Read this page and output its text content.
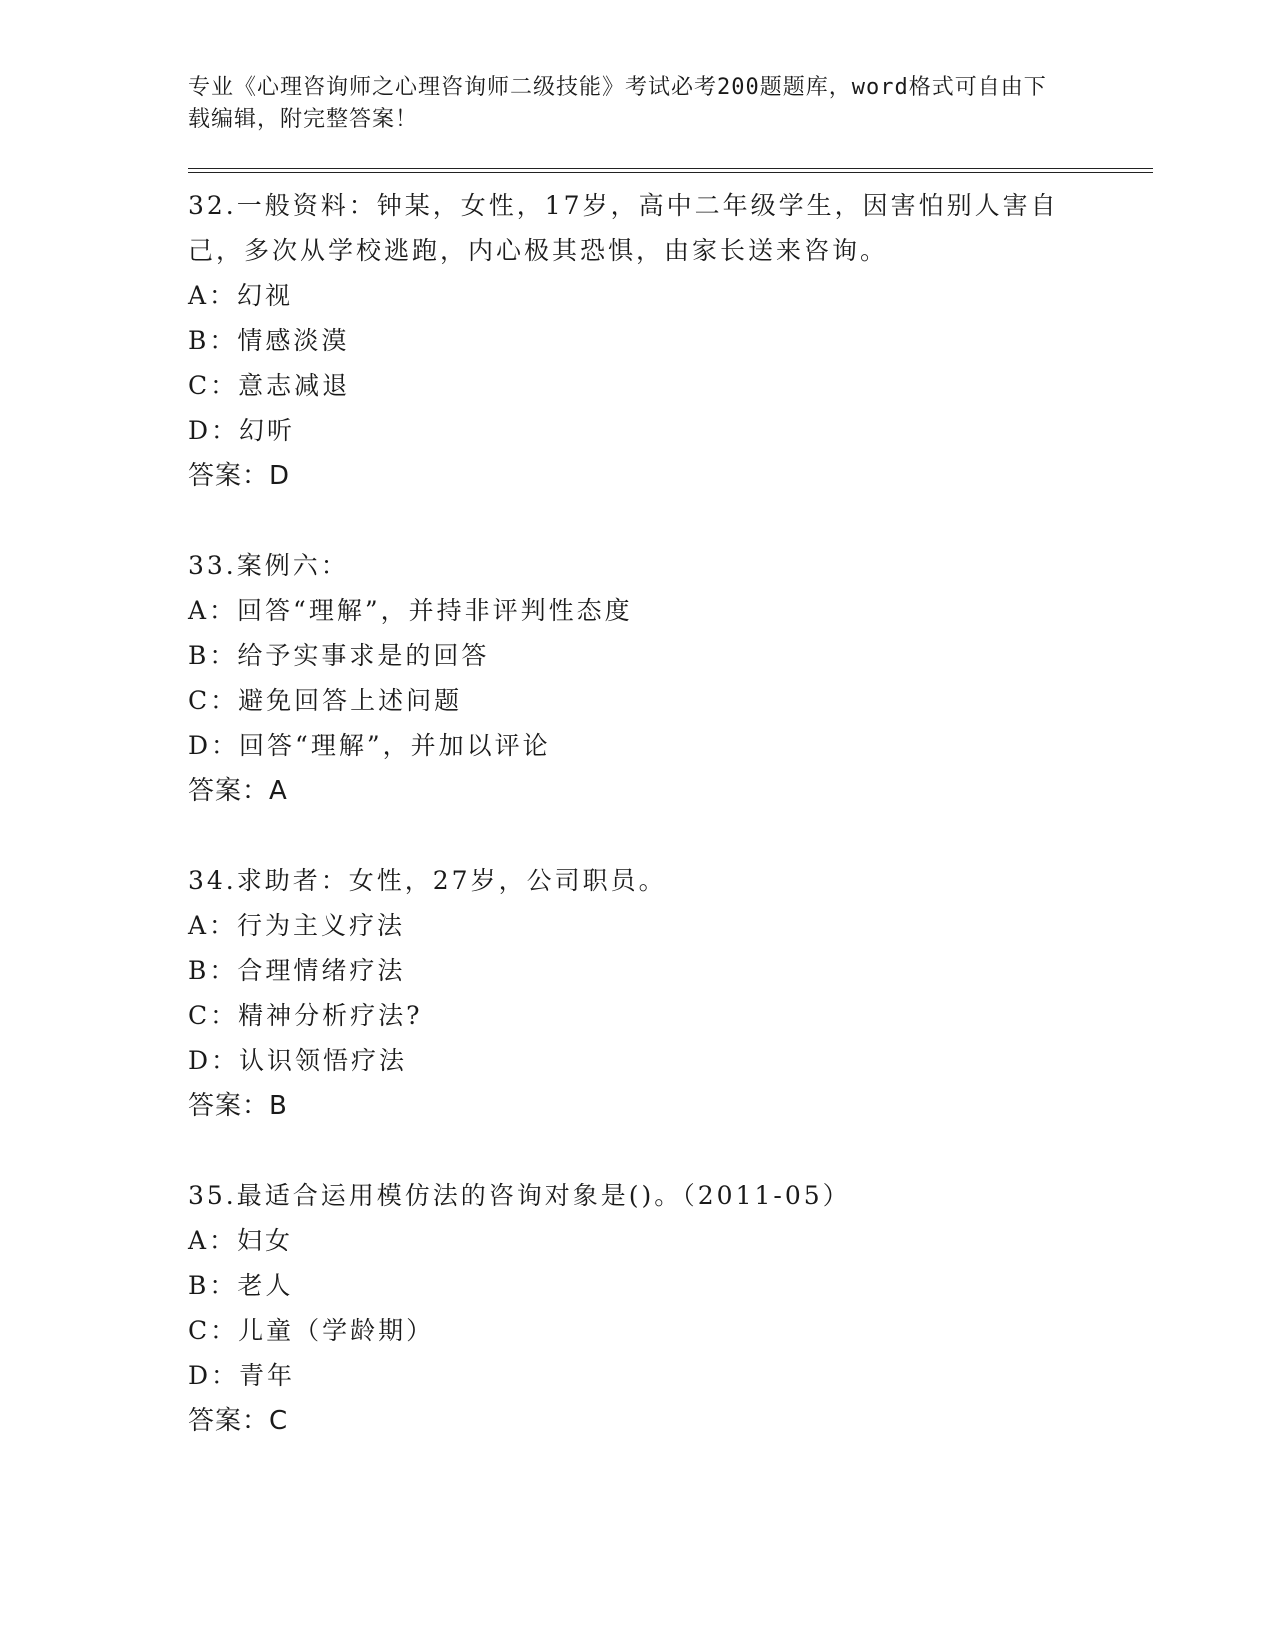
专业《心理咨询师之心理咨询师二级技能》考试必考200题题库，word格式可自由下载编辑，附完整答案！

32.一般资料：钟某，女性，17岁，高中二年级学生，因害怕别人害自己，多次从学校逃跑，内心极其恐惧，由家长送来咨询。

A：幻视

B：情感淡漠

C：意志减退

D：幻听

答案：D

33.案例六：

A：回答“理解”，并持非评判性态度

B：给予实事求是的回答

C：避免回答上述问题

D：回答“理解”，并加以评论

答案：A

34.求助者：女性，27岁，公司职员。

A：行为主义疗法

B：合理情绪疗法

C：精神分析疗法?

D：认识领悟疗法

答案：B

35.最适合运用模仿法的咨询对象是()。（2011-05）

A：妇女

B：老人

C：儿童（学龄期）

D：青年

答案：C
